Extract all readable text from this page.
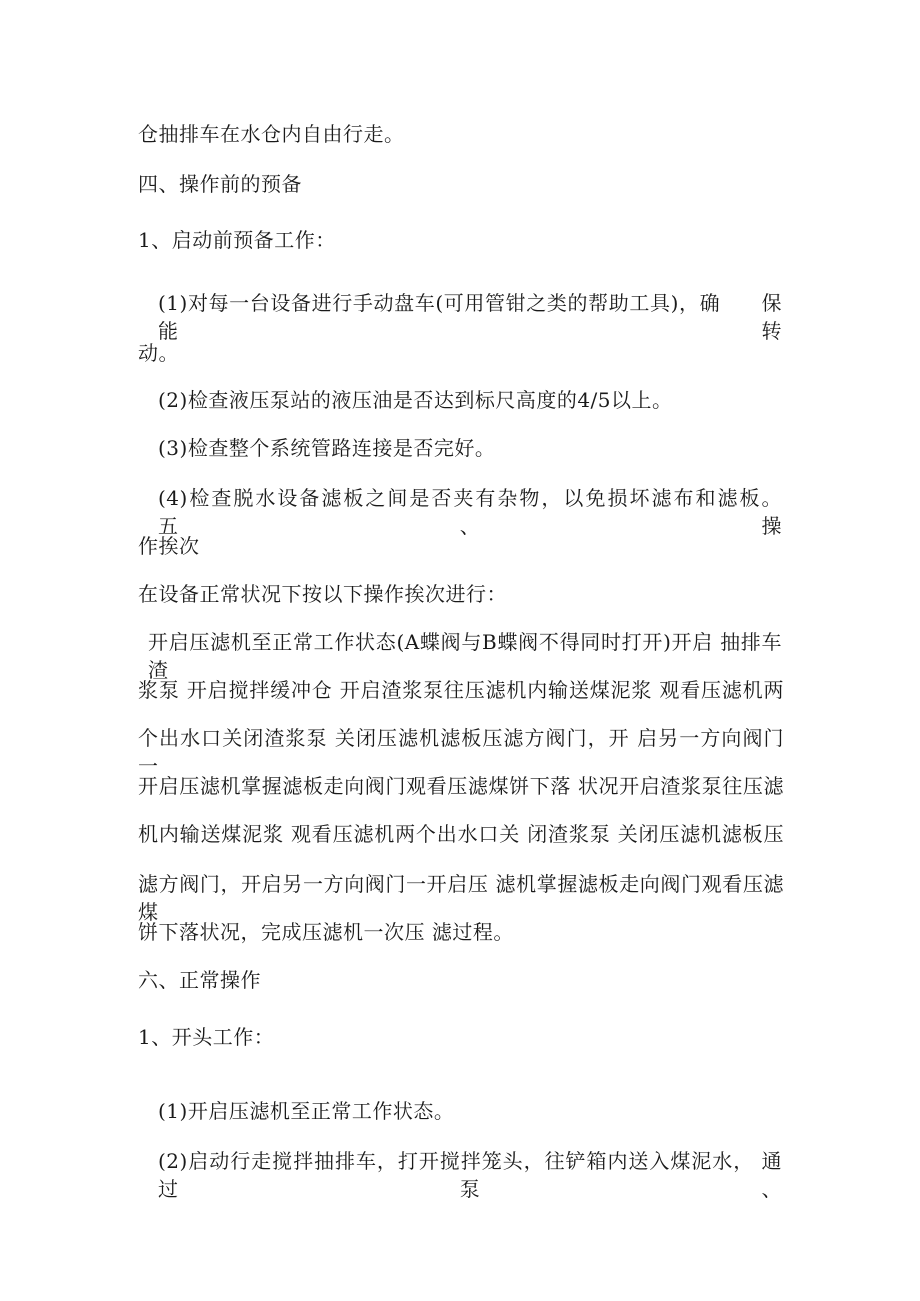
仓抽排车在水仓内自由行走。
四、操作前的预备
1、启动前预备工作：
(1)对每一台设备进行手动盘车(可用管钳之类的帮助工具)，确　　保能转
动。
(2)检查液压泵站的液压油是否达到标尺高度的4/5以上。
(3)检查整个系统管路连接是否完好。
(4)检查脱水设备滤板之间是否夹有杂物，以免损坏滤布和滤板。 五、操
作挨次
在设备正常状况下按以下操作挨次进行：
开启压滤机至正常工作状态(A蝶阀与B蝶阀不得同时打开)开启 抽排车渣
浆泵 开启搅拌缓冲仓 开启渣浆泵往压滤机内输送煤泥浆 观看压滤机两
个出水口关闭渣浆泵 关闭压滤机滤板压滤方阀门，开 启另一方向阀门一
开启压滤机掌握滤板走向阀门观看压滤煤饼下落 状况开启渣浆泵往压滤
机内输送煤泥浆 观看压滤机两个出水口关 闭渣浆泵 关闭压滤机滤板压
滤方阀门，开启另一方向阀门一开启压 滤机掌握滤板走向阀门观看压滤煤
饼下落状况，完成压滤机一次压 滤过程。
六、正常操作
1、开头工作：
(1)开启压滤机至正常工作状态。
(2)启动行走搅拌抽排车，打开搅拌笼头，往铲箱内送入煤泥水， 通过泵、
